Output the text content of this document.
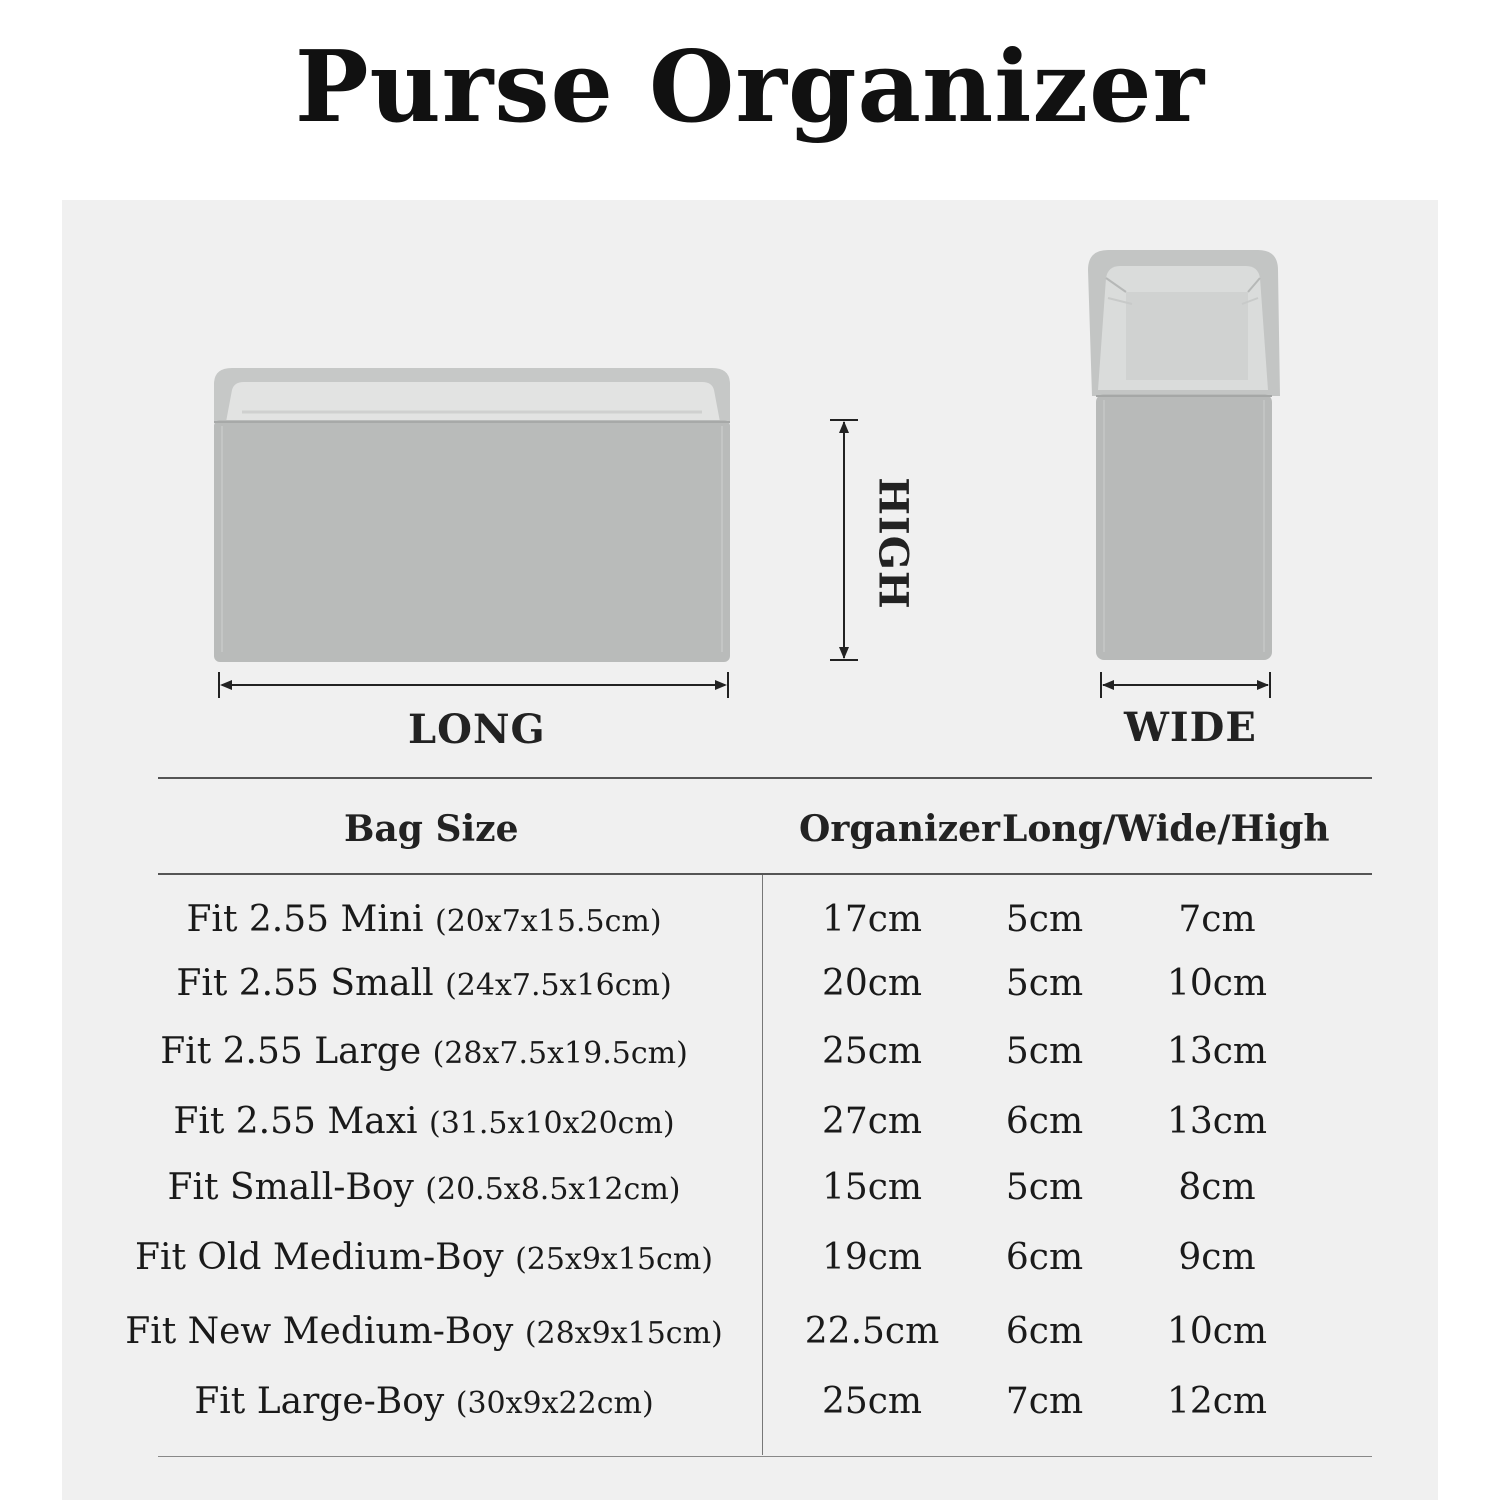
Purse Organizer
LONG
HIGH
WIDE
Bag Size	Organizer Long/Wide/High
Fit 2.55 Mini (20x7x15.5cm)	17cm	5cm	7cm
Fit 2.55 Small (24x7.5x16cm)	20cm	5cm	10cm
Fit 2.55 Large (28x7.5x19.5cm)	25cm	5cm	13cm
Fit 2.55 Maxi (31.5x10x20cm)	27cm	6cm	13cm
Fit Small-Boy (20.5x8.5x12cm)	15cm	5cm	8cm
Fit Old Medium-Boy (25x9x15cm)	19cm	6cm	9cm
Fit New Medium-Boy (28x9x15cm)	22.5cm	6cm	10cm
Fit Large-Boy (30x9x22cm)	25cm	7cm	12cm
